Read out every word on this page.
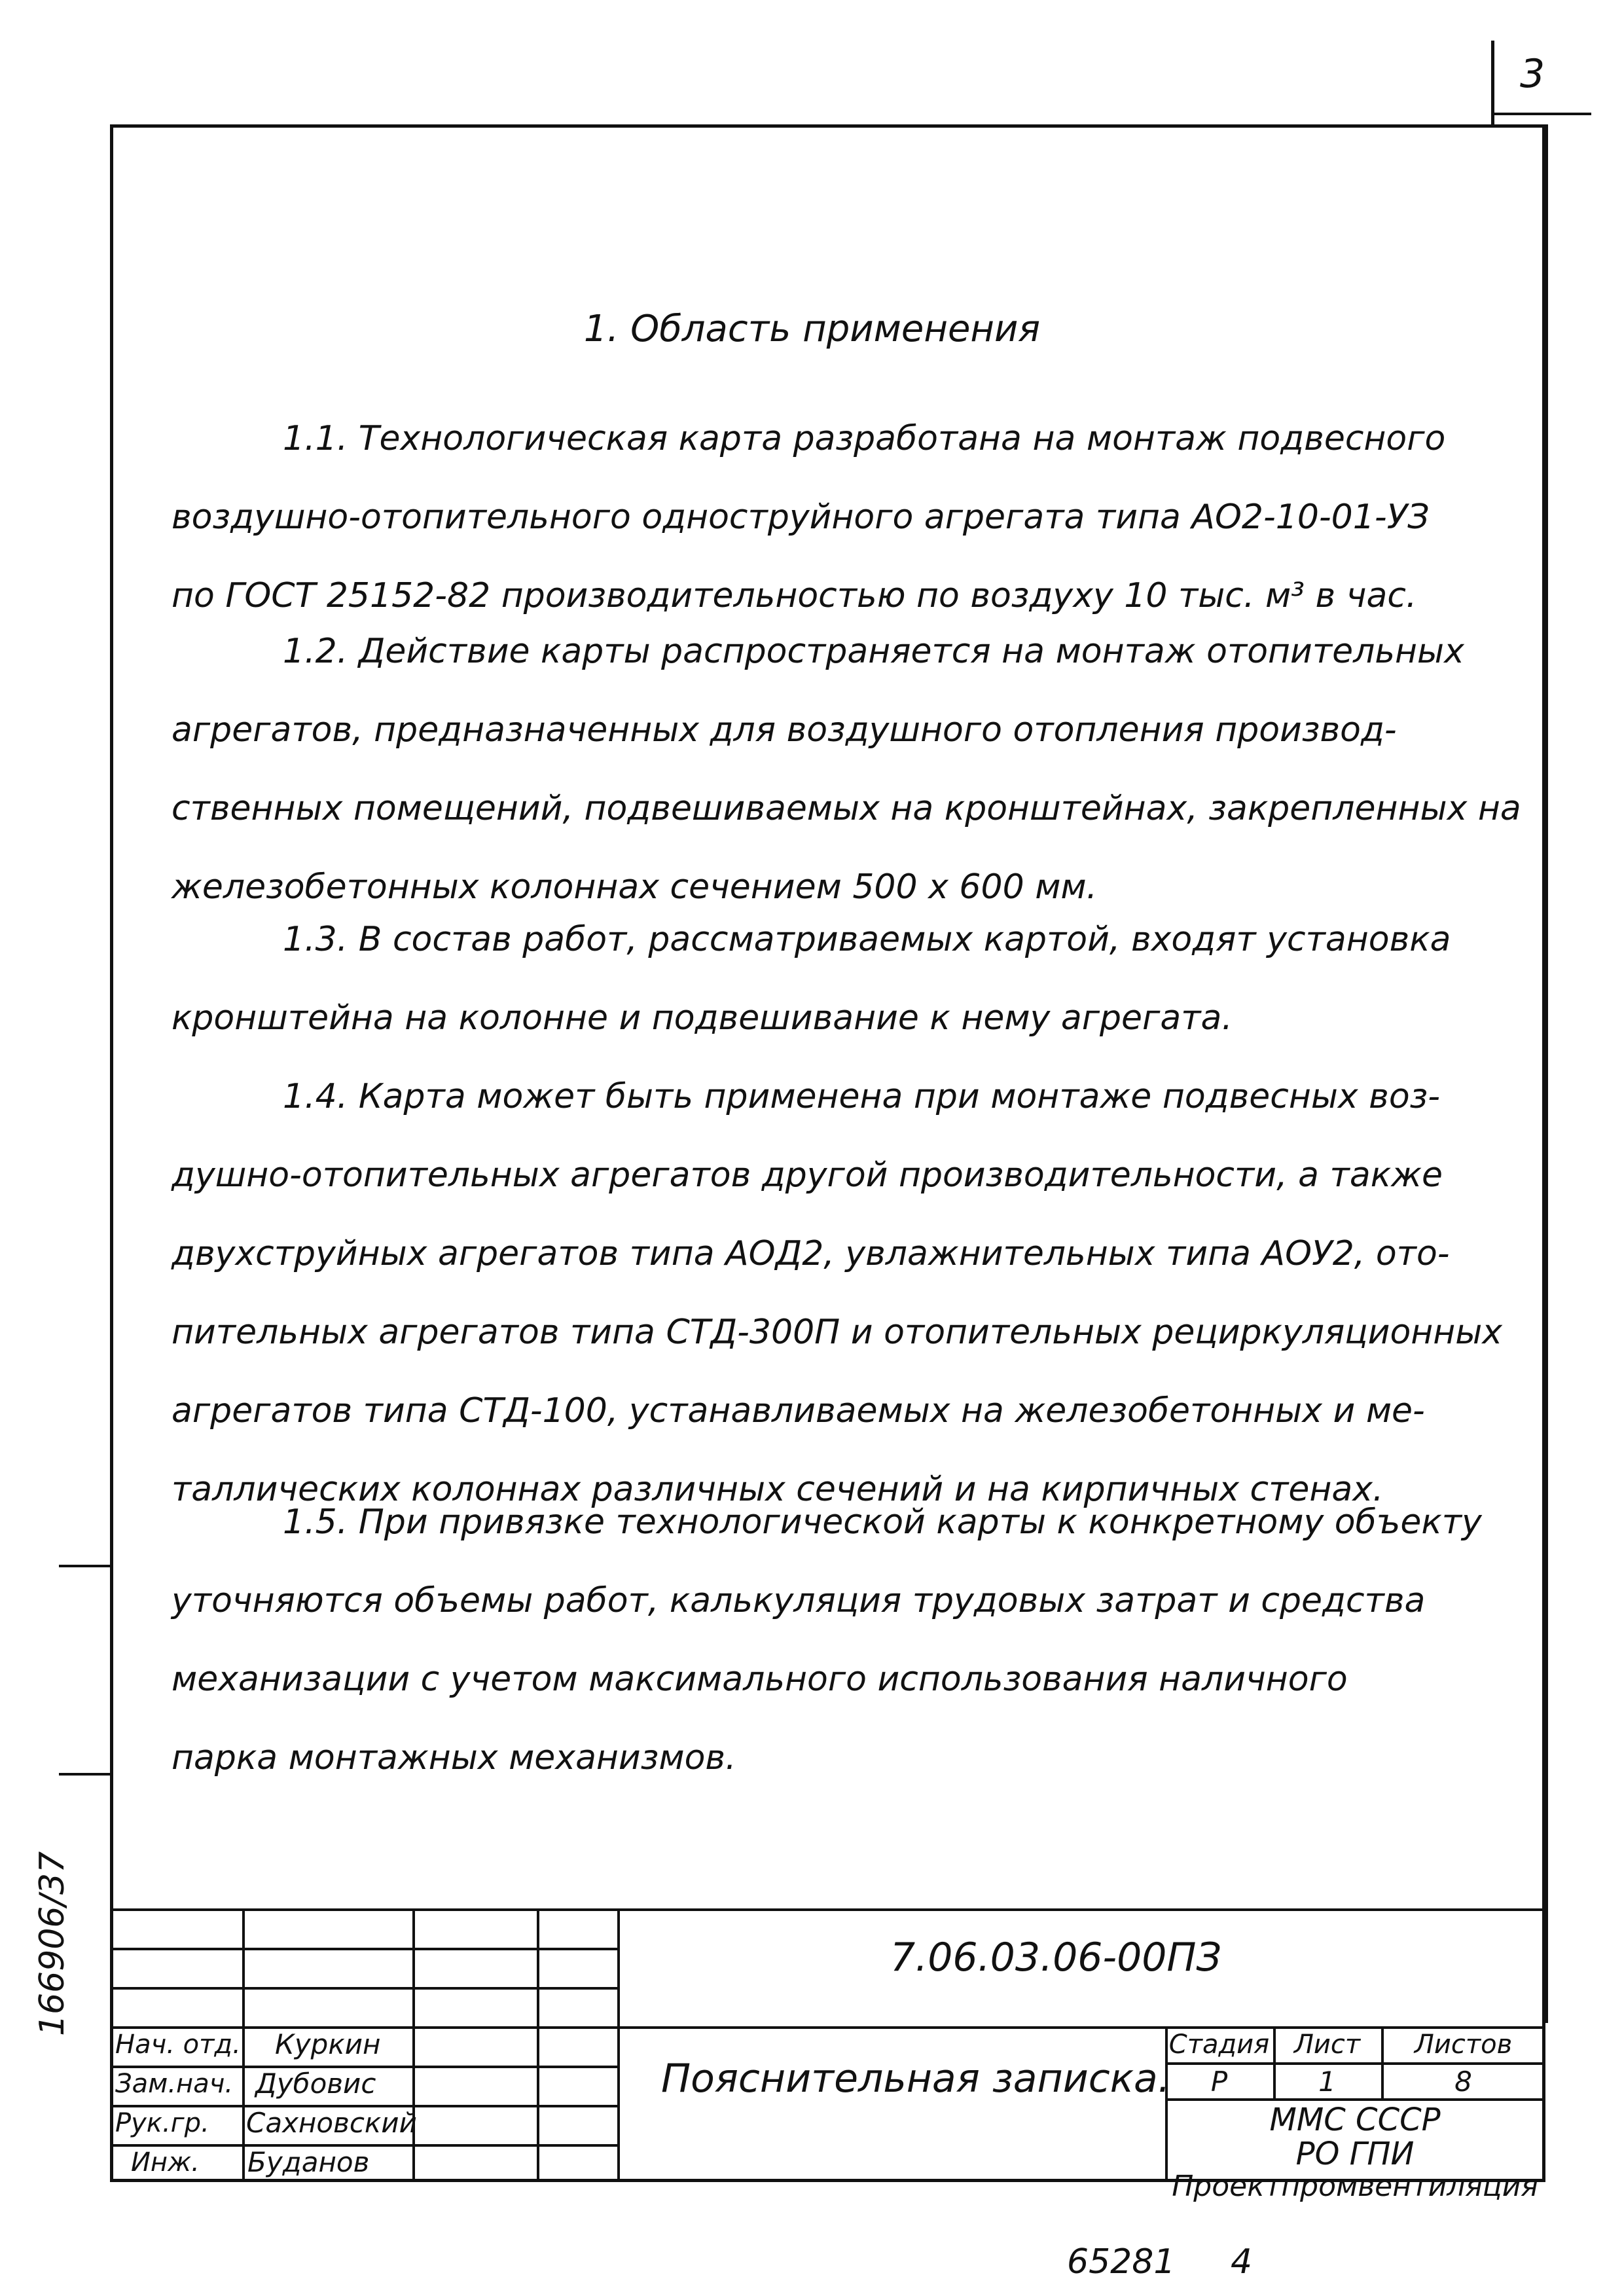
3
1. Область применения
1.1. Технологическая карта разработана на монтаж подвесного
воздушно-отопительного одноструйного агрегата типа АО2-10-01-УЗ
по ГОСТ 25152-82 производительностью по воздуху 10 тыс. м³ в час.
1.2. Действие карты распространяется на монтаж отопительных
агрегатов, предназначенных для воздушного отопления производ-
ственных помещений, подвешиваемых на кронштейнах, закрепленных на
железобетонных колоннах сечением 500 х 600 мм.
1.3. В состав работ, рассматриваемых картой, входят установка
кронштейна на колонне и подвешивание к нему агрегата.
1.4. Карта может быть применена при монтаже подвесных воз-
душно-отопительных агрегатов другой производительности, а также
двухструйных агрегатов типа АОД2, увлажнительных типа АОУ2, ото-
пительных агрегатов типа СТД-300П и отопительных рециркуляционных
агрегатов типа СТД-100, устанавливаемых на железобетонных и ме-
таллических колоннах различных сечений и на кирпичных стенах.
1.5. При привязке технологической карты к конкретному объекту
уточняются объемы работ, калькуляция трудовых затрат и средства
механизации с учетом максимального использования наличного
парка монтажных механизмов.
7.06.03.06-00ПЗ
Пояснительная записка.
Нач. отд. Куркин
Зам.нач. Дубовис
Рук.гр. Сахновский
Инж. Буданов
Стадия Лист	Листов
Р	1	8
ММС СССР
РО ГПИ
Проектпромвентиляция
166906/37
65281 4
